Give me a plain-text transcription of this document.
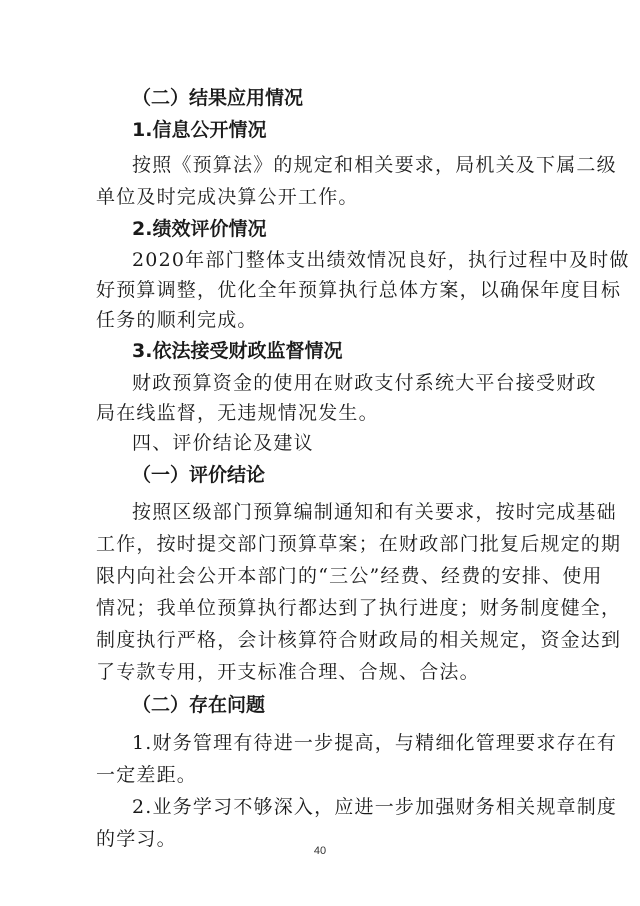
（二）结果应用情况
1.信息公开情况
按照《预算法》的规定和相关要求，局机关及下属二级
单位及时完成决算公开工作。
2.绩效评价情况
2020年部门整体支出绩效情况良好，执行过程中及时做
好预算调整，优化全年预算执行总体方案，以确保年度目标
任务的顺利完成。
3.依法接受财政监督情况
财政预算资金的使用在财政支付系统大平台接受财政
局在线监督，无违规情况发生。
四、评价结论及建议
（一）评价结论
按照区级部门预算编制通知和有关要求，按时完成基础
工作，按时提交部门预算草案；在财政部门批复后规定的期
限内向社会公开本部门的“三公”经费、经费的安排、使用
情况；我单位预算执行都达到了执行进度；财务制度健全，
制度执行严格，会计核算符合财政局的相关规定，资金达到
了专款专用，开支标准合理、合规、合法。
（二）存在问题
1.财务管理有待进一步提高，与精细化管理要求存在有
一定差距。
2.业务学习不够深入，应进一步加强财务相关规章制度
的学习。
40
